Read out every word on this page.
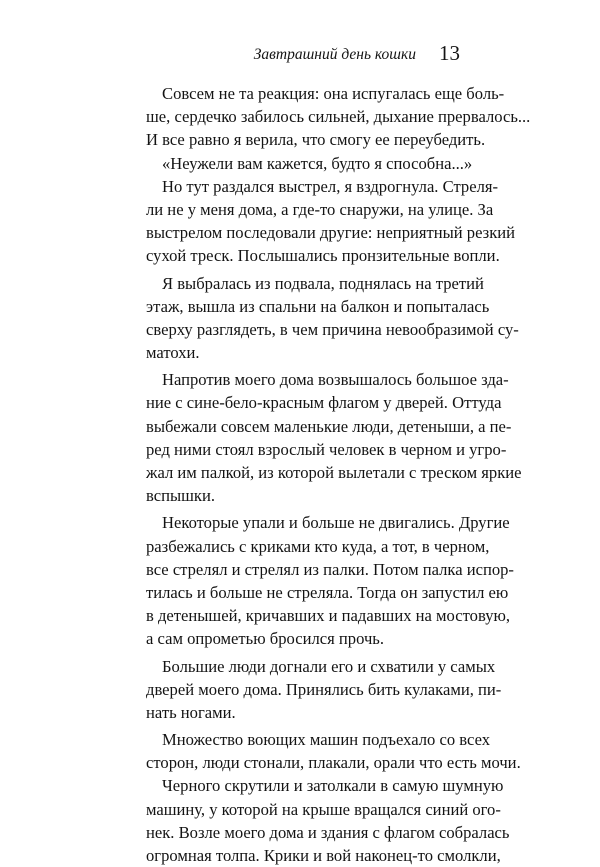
Завтрашний день кошки 13
Совсем не та реакция: она испугалась еще боль-
ше, сердечко забилось сильней, дыхание прервалось...
И все равно я верила, что смогу ее переубедить.
«Неужели вам кажется, будто я способна...»
Но тут раздался выстрел, я вздрогнула. Стреля-
ли не у меня дома, а где-то снаружи, на улице. За
выстрелом последовали другие: неприятный резкий
сухой треск. Послышались пронзительные вопли.
Я выбралась из подвала, поднялась на третий
этаж, вышла из спальни на балкон и попыталась
сверху разглядеть, в чем причина невообразимой су-
матохи.
Напротив моего дома возвышалось большое зда-
ние с сине-бело-красным флагом у дверей. Оттуда
выбежали совсем маленькие люди, детеныши, а пе-
ред ними стоял взрослый человек в черном и угро-
жал им палкой, из которой вылетали с треском яркие
вспышки.
Некоторые упали и больше не двигались. Другие
разбежались с криками кто куда, а тот, в черном,
все стрелял и стрелял из палки. Потом палка испор-
тилась и больше не стреляла. Тогда он запустил ею
в детенышей, кричавших и падавших на мостовую,
а сам опрометью бросился прочь.
Большие люди догнали его и схватили у самых
дверей моего дома. Принялись бить кулаками, пи-
нать ногами.
Множество воющих машин подъехало со всех
сторон, люди стонали, плакали, орали что есть мочи.
Черного скрутили и затолкали в самую шумную
машину, у которой на крыше вращался синий ого-
нек. Возле моего дома и здания с флагом собралась
огромная толпа. Крики и вой наконец-то смолкли,
